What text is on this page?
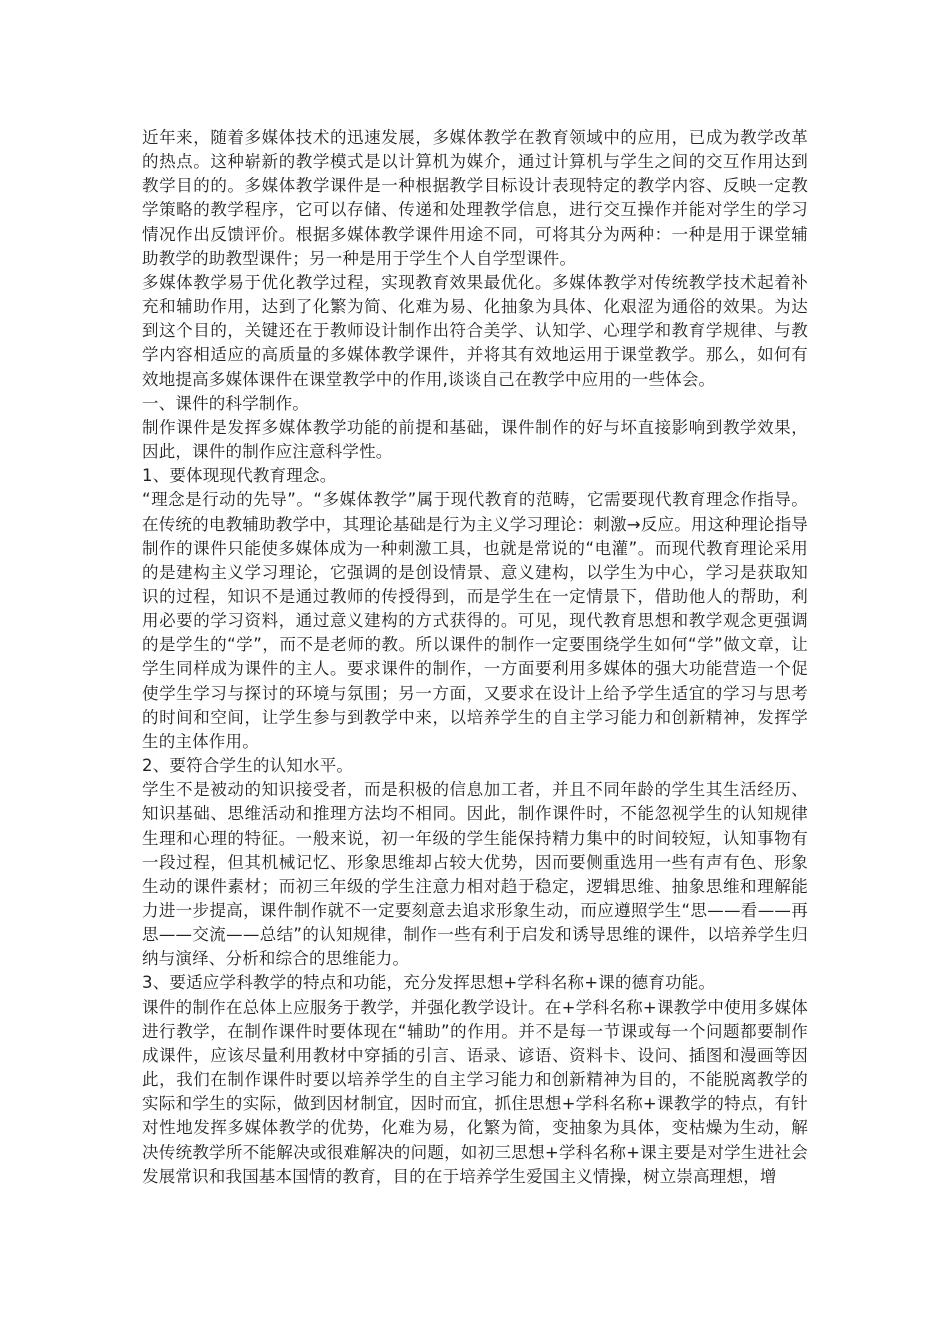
近年来，随着多媒体技术的迅速发展，多媒体教学在教育领域中的应用，已成为教学改革的热点。这种崭新的教学模式是以计算机为媒介，通过计算机与学生之间的交互作用达到教学目的的。多媒体教学课件是一种根据教学目标设计表现特定的教学内容、反映一定教学策略的教学程序，它可以存储、传递和处理教学信息，进行交互操作并能对学生的学习情况作出反馈评价。根据多媒体教学课件用途不同，可将其分为两种：一种是用于课堂辅助教学的助教型课件；另一种是用于学生个人自学型课件。

多媒体教学易于优化教学过程，实现教育效果最优化。多媒体教学对传统教学技术起着补充和辅助作用，达到了化繁为简、化难为易、化抽象为具体、化艰涩为通俗的效果。为达到这个目的，关键还在于教师设计制作出符合美学、认知学、心理学和教育学规律、与教学内容相适应的高质量的多媒体教学课件，并将其有效地运用于课堂教学。那么，如何有效地提高多媒体课件在课堂教学中的作用,谈谈自己在教学中应用的一些体会。

一、课件的科学制作。

制作课件是发挥多媒体教学功能的前提和基础，课件制作的好与坏直接影响到教学效果，因此，课件的制作应注意科学性。

1、要体现现代教育理念。

“理念是行动的先导”。“多媒体教学”属于现代教育的范畴，它需要现代教育理念作指导。在传统的电教辅助教学中，其理论基础是行为主义学习理论：刺激→反应。用这种理论指导制作的课件只能使多媒体成为一种刺激工具，也就是常说的“电灌”。而现代教育理论采用的是建构主义学习理论，它强调的是创设情景、意义建构，以学生为中心，学习是获取知识的过程，知识不是通过教师的传授得到，而是学生在一定情景下，借助他人的帮助，利用必要的学习资料，通过意义建构的方式获得的。可见，现代教育思想和教学观念更强调的是学生的“学”，而不是老师的教。所以课件的制作一定要围绕学生如何“学”做文章，让学生同样成为课件的主人。要求课件的制作，一方面要利用多媒体的强大功能营造一个促使学生学习与探讨的环境与氛围；另一方面，又要求在设计上给予学生适宜的学习与思考的时间和空间，让学生参与到教学中来，以培养学生的自主学习能力和创新精神，发挥学生的主体作用。

2、要符合学生的认知水平。

学生不是被动的知识接受者，而是积极的信息加工者，并且不同年龄的学生其生活经历、知识基础、思维活动和推理方法均不相同。因此，制作课件时，不能忽视学生的认知规律生理和心理的特征。一般来说，初一年级的学生能保持精力集中的时间较短，认知事物有一段过程，但其机械记忆、形象思维却占较大优势，因而要侧重选用一些有声有色、形象生动的课件素材；而初三年级的学生注意力相对趋于稳定，逻辑思维、抽象思维和理解能力进一步提高，课件制作就不一定要刻意去追求形象生动，而应遵照学生“思——看——再思——交流——总结”的认知规律，制作一些有利于启发和诱导思维的课件，以培养学生归纳与演绎、分析和综合的思维能力。

3、要适应学科教学的特点和功能，充分发挥思想+学科名称+课的德育功能。

课件的制作在总体上应服务于教学，并强化教学设计。在+学科名称+课教学中使用多媒体进行教学，在制作课件时要体现在“辅助”的作用。并不是每一节课或每一个问题都要制作成课件，应该尽量利用教材中穿插的引言、语录、谚语、资料卡、设问、插图和漫画等因此，我们在制作课件时要以培养学生的自主学习能力和创新精神为目的，不能脱离教学的实际和学生的实际，做到因材制宜，因时而宜，抓住思想+学科名称+课教学的特点，有针对性地发挥多媒体教学的优势，化难为易，化繁为简，变抽象为具体，变枯燥为生动，解决传统教学所不能解决或很难解决的问题，如初三思想+学科名称+课主要是对学生进社会发展常识和我国基本国情的教育，目的在于培养学生爱国主义情操，树立崇高理想，增
